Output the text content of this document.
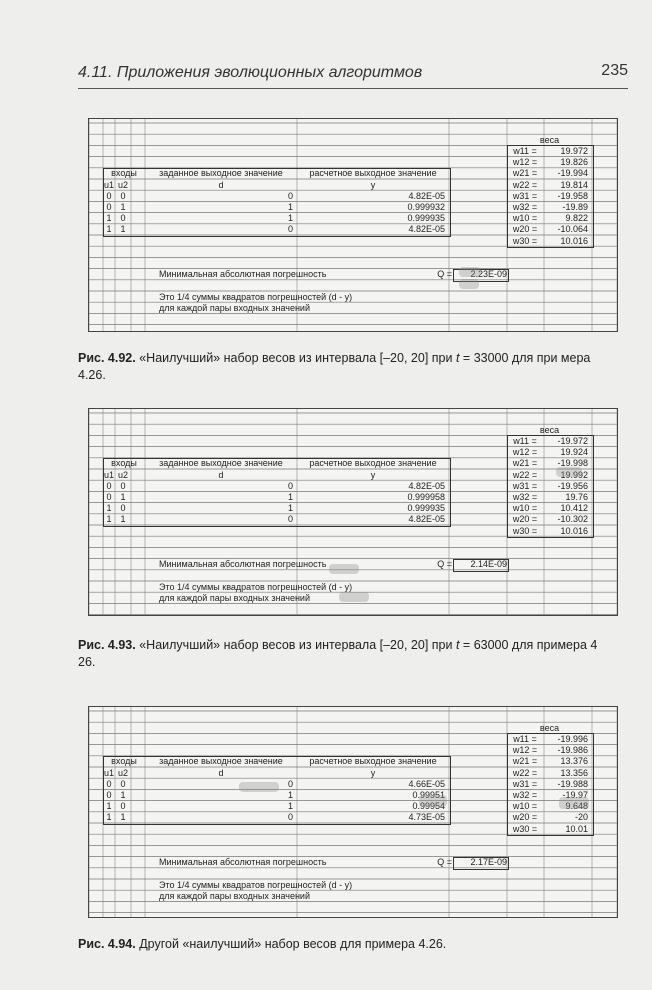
4.11. Приложения эволюционных алгоритмов	235
веса
w11 =	19.972
w12 =	19.826
w21 =	-19.994
w22 =	19.814
w31 =	-19.958
w32 =	-19.89
w10 =	9.822
w20 =	-10.064
w30 =	10.016
входы	заданное выходное значение	расчетное выходное значение
u1 u2	d	y
0 0	0	4.82E-05
0 1	1	0.999932
1 0	1	0.999935
1 1	0	4.82E-05
Минимальная абсолютная погрешность	Q =	2.23E-09
Это 1/4 суммы квадратов погрешностей (d - y)
для каждой пары входных значений
Рис. 4.92. «Наилучший» набор весов из интервала [–20, 20] при t = 33000 для при мера 4.26.
веса
w11 =	-19.972
w12 =	19.924
w21 =	-19.998
w22 =	19.992
w31 =	-19.956
w32 =	19.76
w10 =	10.412
w20 =	-10.302
w30 =	10.016
входы	заданное выходное значение	расчетное выходное значение
u1 u2	d	y
0 0	0	4.82E-05
0 1	1	0.999958
1 0	1	0.999935
1 1	0	4.82E-05
Минимальная абсолютная погрешность	Q =	2.14E-09
Это 1/4 суммы квадратов погрешностей (d - y)
для каждой пары входных значений
Рис. 4.93. «Наилучший» набор весов из интервала [–20, 20] при t = 63000 для примера 4 26.
веса
w11 =	-19.996
w12 =	-19.986
w21 =	13.376
w22 =	13.356
w31 =	-19.988
w32 =	-19.97
w10 =	9.648
w20 =	-20
w30 =	10.01
входы	заданное выходное значение	расчетное выходное значение
u1 u2	d	y
0 0	0	4.66E-05
0 1	1	0.99951
1 0	1	0.99954
1 1	0	4.73E-05
Минимальная абсолютная погрешность	Q =	2.17E-09
Это 1/4 суммы квадратов погрешностей (d - y)
для каждой пары входных значений
Рис. 4.94. Другой «наилучший» набор весов для примера 4.26.
